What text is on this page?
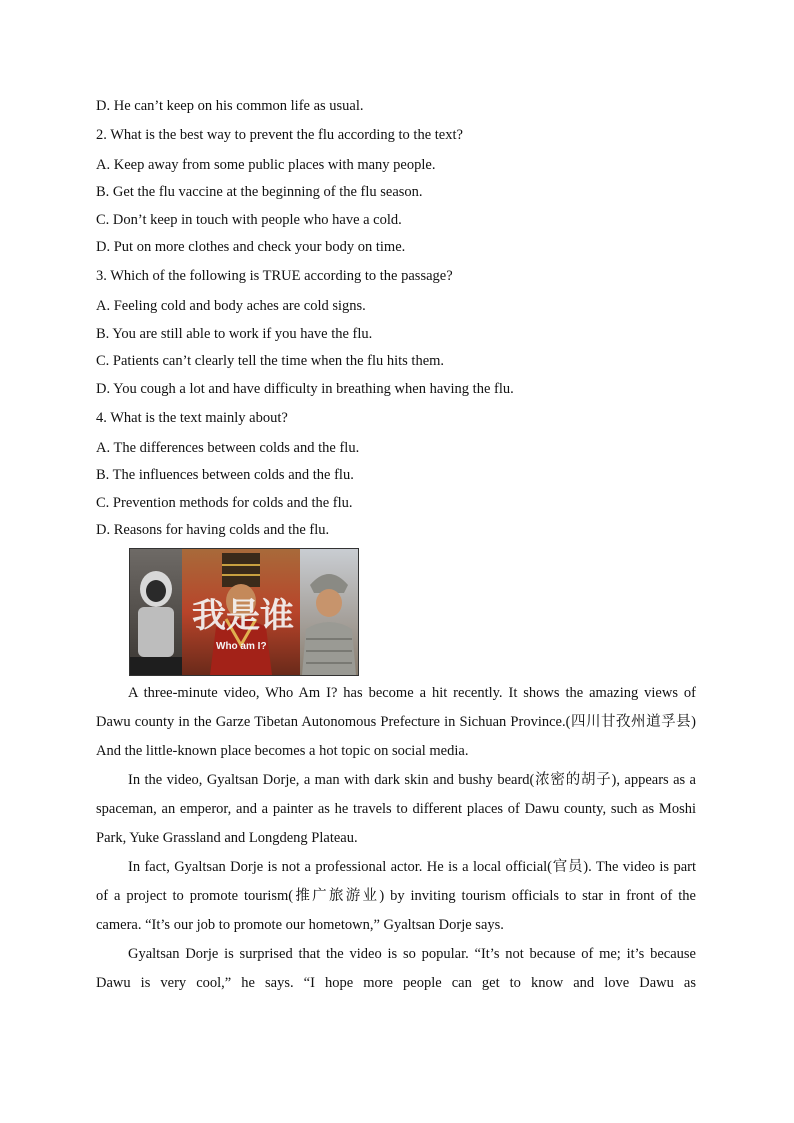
D. He can’t keep on his common life as usual.
2. What is the best way to prevent the flu according to the text?
A. Keep away from some public places with many people.
B. Get the flu vaccine at the beginning of the flu season.
C. Don’t keep in touch with people who have a cold.
D. Put on more clothes and check your body on time.
3. Which of the following is TRUE according to the passage?
A. Feeling cold and body aches are cold signs.
B. You are still able to work if you have the flu.
C. Patients can’t clearly tell the time when the flu hits them.
D. You cough a lot and have difficulty in breathing when having the flu.
4. What is the text mainly about?
A. The differences between colds and the flu.
B. The influences between colds and the flu.
C. Prevention methods for colds and the flu.
D. Reasons for having colds and the flu.
我是谁
Who am I?
A three-minute video, Who Am I? has become a hit recently. It shows the amazing views of Dawu county in the Garze Tibetan Autonomous Prefecture in Sichuan Province.(四川甘孜州道孚县) And the little-known place becomes a hot topic on social media.
In the video, Gyaltsan Dorje, a man with dark skin and bushy beard(浓密的胡子), appears as a spaceman, an emperor, and a painter as he travels to different places of Dawu county, such as Moshi Park, Yuke Grassland and Longdeng Plateau.
In fact, Gyaltsan Dorje is not a professional actor. He is a local official(官员). The video is part of a project to promote tourism(推广旅游业) by inviting tourism officials to star in front of the camera. “It’s our job to promote our hometown,” Gyaltsan Dorje says.
Gyaltsan Dorje is surprised that the video is so popular. “It’s not because of me; it’s because Dawu is very cool,” he says. “I hope more people can get to know and love Dawu as
